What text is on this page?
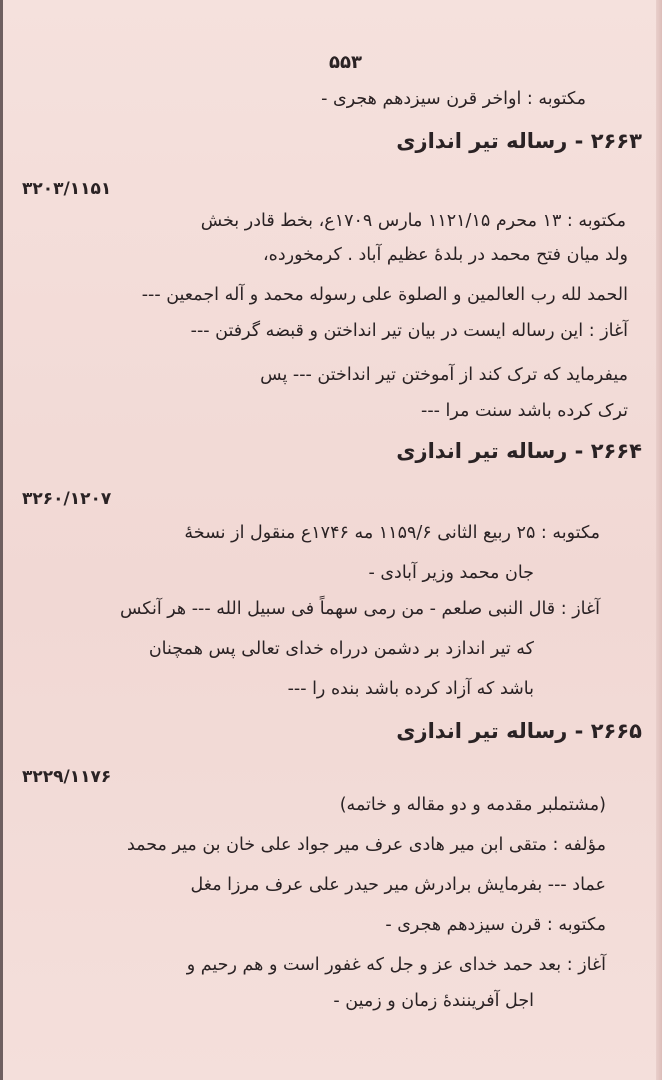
۵۵۳
مکتوبه : اواخر قرن سیزدهم هجری -
۲۶۶۳ - رساله تیر اندازی
۳۲۰۳/۱۱۵۱
مکتوبه : ۱۳ محرم ۱۱۲۱/۱۵ مارس ۱۷۰۹ع، بخط قادر بخش
ولد میان فتح محمد در بلدهٔ عظیم آباد . کرمخورده،
الحمد لله رب العالمین و الصلوة علی رسوله محمد و آله اجمعین ---
آغاز : این رساله ایست در بیان تیر انداختن و قبضه گرفتن ---
میفرماید که ترک کند از آموختن تیر انداختن --- پس
ترک کرده باشد سنت مرا ---
۲۶۶۴ - رساله تیر اندازی
۳۲۶۰/۱۲۰۷
مکتوبه : ۲۵ ربیع الثانی ۱۱۵۹/۶ مه ۱۷۴۶ع منقول از نسخهٔ
جان محمد وزیر آبادی -
آغاز : قال النبی صلعم - من رمی سهماً فی سبیل الله --- هر آنکس
که تیر اندازد بر دشمن درراه خدای تعالی پس همچنان
باشد که آزاد کرده باشد بنده را ---
۲۶۶۵ - رساله تیر اندازی
۳۲۲۹/۱۱۷۶
(مشتملبر مقدمه و دو مقاله و خاتمه)
مؤلفه : متقی ابن میر هادی عرف میر جواد علی خان بن میر محمد
عماد --- بفرمایش برادرش میر حیدر علی عرف مرزا مغل
مکتوبه : قرن سیزدهم هجری -
آغاز : بعد حمد خدای عز و جل که غفور است و هم رحیم و
اجل آفرینندهٔ زمان و زمین -
